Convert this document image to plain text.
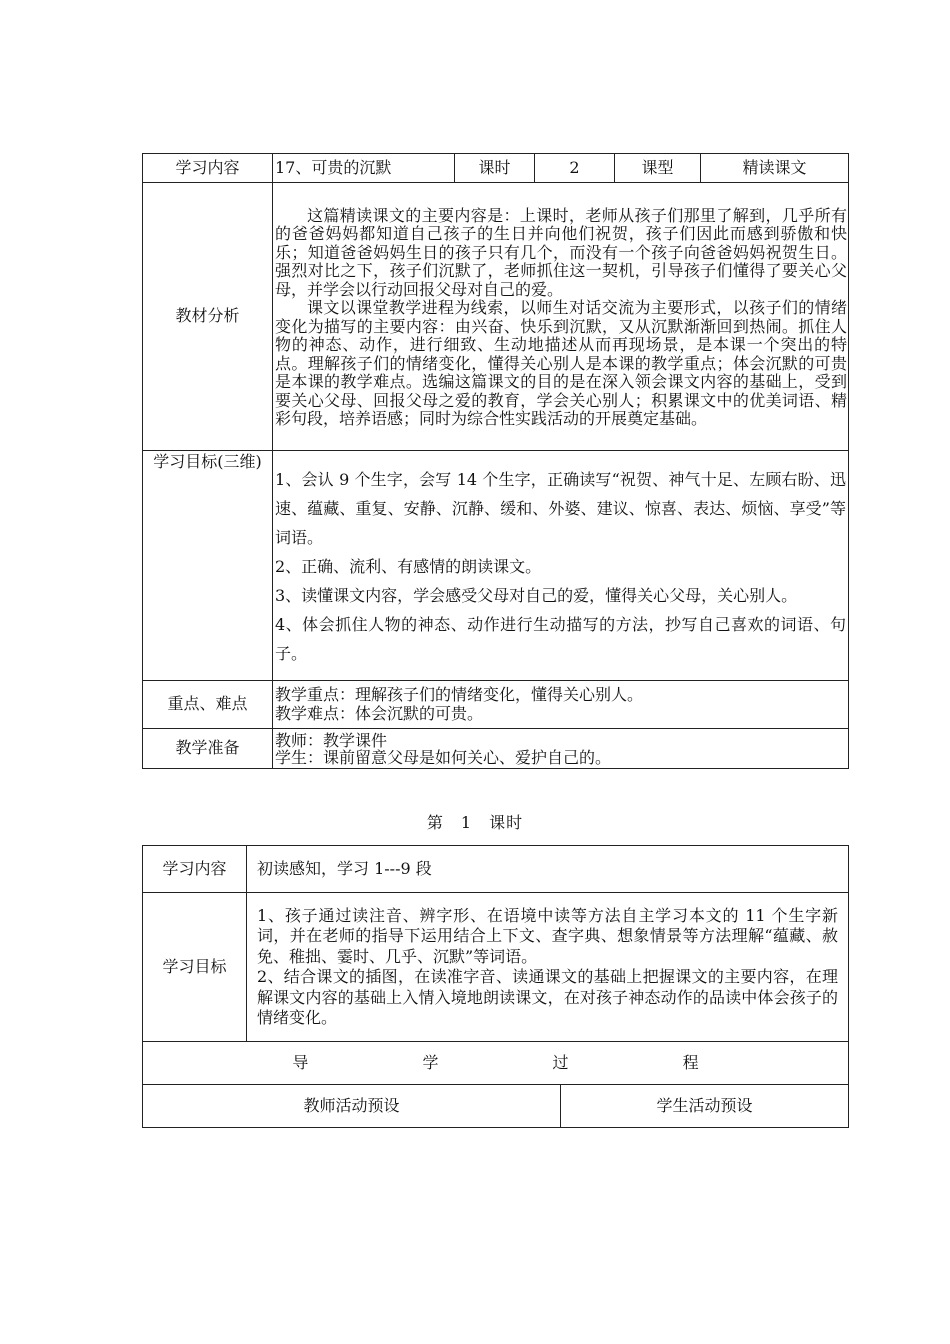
学习内容	17、可贵的沉默	课时	2	课型	精读课文
教材分析	这篇精读课文的主要内容是：上课时，老师从孩子们那里了解到，几乎所有的爸爸妈妈都知道自己孩子的生日并向他们祝贺，孩子们因此而感到骄傲和快乐；知道爸爸妈妈生日的孩子只有几个，而没有一个孩子向爸爸妈妈祝贺生日。强烈对比之下，孩子们沉默了，老师抓住这一契机，引导孩子们懂得了要关心父母，并学会以行动回报父母对自己的爱。
课文以课堂教学进程为线索，以师生对话交流为主要形式，以孩子们的情绪变化为描写的主要内容：由兴奋、快乐到沉默，又从沉默渐渐回到热闹。抓住人物的神态、动作，进行细致、生动地描述从而再现场景，是本课一个突出的特点。理解孩子们的情绪变化，懂得关心别人是本课的教学重点；体会沉默的可贵是本课的教学难点。选编这篇课文的目的是在深入领会课文内容的基础上，受到要关心父母、回报父母之爱的教育，学会关心别人；积累课文中的优美词语、精彩句段，培养语感；同时为综合性实践活动的开展奠定基础。				

学习目标(三维)	1、会认 9 个生字，会写 14 个生字，正确读写“祝贺、神气十足、左顾右盼、迅速、蕴藏、重复、安静、沉静、缓和、外婆、建议、惊喜、表达、烦恼、享受”等词语。
2、正确、流利、有感情的朗读课文。
3、读懂课文内容，学会感受父母对自己的爱，懂得关心父母，关心别人。
4、体会抓住人物的神态、动作进行生动描写的方法，抄写自己喜欢的词语、句子。				

重点、难点	教学重点：理解孩子们的情绪变化，懂得关心别人。
教学难点：体会沉默的可贵。				

教学准备	教师：教学课件
学生：课前留意父母是如何关心、爱护自己的。				
第　1　课时
学习内容	初读感知，学习 1---9 段	
学习目标	1、孩子通过读注音、辨字形、在语境中读等方法自主学习本文的 11 个生字新词，并在老师的指导下运用结合上下文、查字典、想象情景等方法理解“蕴藏、赦免、稚拙、霎时、几乎、沉默”等词语。
2、结合课文的插图，在读准字音、读通课文的基础上把握课文的主要内容，在理解课文内容的基础上入情入境地朗读课文，在对孩子神态动作的品读中体会孩子的情绪变化。	

导 学 过 程		
教师活动预设		学生活动预设
